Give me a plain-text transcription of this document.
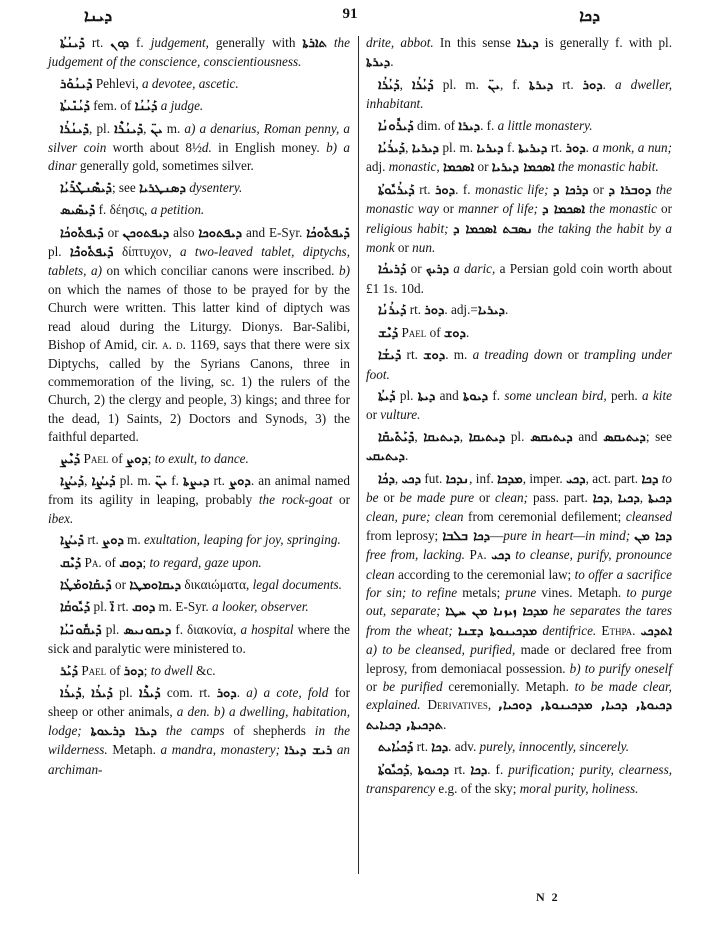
ܕܝܢܐ	91	ܕܟܐ

ܕܺܝܢܳܬܳܐ rt. ܕܘܢ f. judgement, generally with ܬܐܪܬܐ the judgement of the conscience, conscientiousness.

ܕܺܝܢܳܘܰܪ Pehlevi, a devotee, ascetic.

ܕܰܝܳܢܺܝܬܳܐ fem. of ܕܰܝܳܢܳܐ a judge.

ܕܺܝܢܳܪܳܐ, pl. ܕܺܝܢܳܪܶܐ, ܝܢ̈ m. a) a denarius, Roman penny, a silver coin worth about 8½d. in English money. b) a dinar generally gold, sometimes silver.

ܕܺܝܣܶܢܛܶܪܺܝܳܐ; see ܕܣܢܛܪܝܐ dysentery.

ܕܺܝܣܺܝܣ f. δέησις, a petition.

ܕܺܝܦܬܽܘܟܳܐ or ܕܝܦܬܘܟܢ also ܕܝܦܬܘܟܐ and E-Syr. ܕܺܝܦܬܽܘܟܳܐ pl. ܕܺܝܦܬܽܘܟܶܐ δίπτυχον, a two-leaved tablet, diptychs, tablets, a) on which conciliar canons were inscribed. b) on which the names of those to be prayed for by the Church were written. This latter kind of diptych was read aloud during the Liturgy. Dionys. Bar-Salibi, Bishop of Amid, cir. a. d. 1169, says that there were six Diptychs, called by the Syrians Canons, three in commemoration of the living, sc. 1) the rulers of the Church, 2) the clergy and people, 3) kings; and three for the dead, 1) Saints, 2) Doctors and Synods, 3) the faithful departed.

ܕܰܝܶܨ Pael of ܕܘܨ; to exult, to dance.

ܕܰܝܨܳܐ, ܕܰܝܨܳܐ pl. m. ܝܢ̈ f. ܕܝܨܬܐ rt. ܕܘܨ. an animal named from its agility in leaping, probably the rock-goat or ibex.

ܕܺܝܨܳܐ rt. ܕܘܨ m. exultation, leaping for joy, springing.

ܕܰܝܶܩ Pa. of ܕܘܩ; to regard, gaze upon.

ܕܺܝܩܰܐܘܡܰܛܳܐ or ܕܝܩܐܘܡܛܐ δικαιώματα, legal documents.

ܕܰܝܽܘܩܳܐ pl. ܐ̈ rt. ܕܘܩ m. E-Syr. a looker, observer.

ܕܺܝܩܽܘܢܺܝܳܐ pl. ܕܝܩܘܢܝܣ f. διακονία, a hospital where the sick and paralytic were ministered to.

ܕܰܝܰܪ Pael of ܕܘܪ; to dwell &c.

ܕܰܝܪܳܐ, ܕܰܝܪܳܐ pl. ܕܰܝܪܶܐ com. rt. ܕܘܪ. a) a cote, fold for sheep or other animals, a den. b) a dwelling, habitation, lodge; ܕܝܪܐ ܕܪܥܘܬܐ the camps of shepherds in the wilderness. Metaph. a mandra, monastery; ܪܝܫ ܕܝܪܐ an archiman-

drite, abbot. In this sense ܕܝܪܐ is generally f. with pl. ܕܝܪܬܐ.

ܕܰܝܳܪܳܐ, ܕܰܝܳܪܳܐ pl. m. ܝܢ̈, f. ܕܝܪܬܐ rt. ܕܘܪ. a dweller, inhabitant.

ܕܰܝܪܽܘܢܳܐ dim. of ܕܝܪܐ. f. a little monastery.

ܕܰܝܪܳܝܳܐ, ܕܝܪܝܐ pl. m. ܕܝܪܝܐ f. ܕܝܪܝܬܐ rt. ܕܘܪ. a monk, a nun; adj. monastic, ܐܣܟܡܐ or ܐܣܟܡܐ ܕܝܪܝܐ the monastic habit.

ܕܰܝܪܳܝܽܘܬܳܐ rt. ܕܘܪ. f. monastic life; ܕܪܟܐ ܕ or ܕܘܒܪܐ ܕ the monastic way or manner of life; ܐܣܟܡܐ ܕ the monastic or religious habit; ܢܣܒܬ ܐܣܟܡܐ ܕ the taking the habit by a monk or nun.

ܕܰܪܝܟܳܐ or ܕܪܝܟ a daric, a Persian gold coin worth about £1 1s. 10d.

ܕܰܝܪܳܢܳܐ rt. ܕܘܪ. adj.=ܕܝܪܝܐ.

ܕܰܝܶܫ Pael of ܕܘܫ.

ܕܺܝܫܳܐ rt. ܕܘܫ. m. a treading down or trampling under foot.

ܕܰܝܬܳܐ pl. ܕܝܬܐ and ܕܝܘܬܐ f. some unclean bird, perh. a kite or vulture.

ܕܺܝܰܬܺܝܩܺܐ, ܕܝܬܝܩܐ, ܕܝܬܝܩܐ pl. ܕܝܬܝܩܣ and ܕܝܬܝܩܣ; see ܕܝܬܝܩܝ.

ܕܟܳܐ, ܕܟܝ fut. ܢܕܟܐ, inf. ܡܕܟܐ, imper. ܕܟܝ, act. part. ܕܟܐ to be or be made pure or clean; pass. part. ܕܟܐ, ܕܟܝܐ, ܕܟܝܬܐ clean, pure; clean from ceremonial defilement; cleansed from leprosy; ܕܟܐ ܒܠܒܐ—pure in heart—in mind; ܕܟܐ ܡܢ free from, lacking. Pa. ܕܟܝ to cleanse, purify, pronounce clean according to the ceremonial law; to offer a sacrifice for sin; to refine metals; prune vines. Metaph. to purge out, separate; ܡܕܟܐ ܙܝܙܢܐ ܡܢ ܚܛܐ he separates the tares from the wheat; ܡܕܟܝܢܘܬܐ ܕܫܢܐ dentifrice. Ethpa. ܐܬܕܟܝ a) to be cleansed, purified, made or declared free from leprosy, from demoniacal possession. b) to purify oneself or be purified ceremonially. Metaph. to be made clear, explained. Derivatives, ܕܟܝܘܬܐ, ܕܟܝܐ, ܡܕܟܝܢܘܬܐ, ܕܘܟܝܐ, ܬܕܟܝܬܐ, ܕܟܝܐܝܬ.

ܕܰܟܝܳܐܝܬ rt. ܕܟܐ. adv. purely, innocently, sincerely.

ܕܰܟܝܽܘܬܳܐ, ܕܟܝܘܬܐ rt. ܕܟܐ. f. purification; purity, clearness, transparency e.g. of the sky; moral purity, holiness.

N 2
